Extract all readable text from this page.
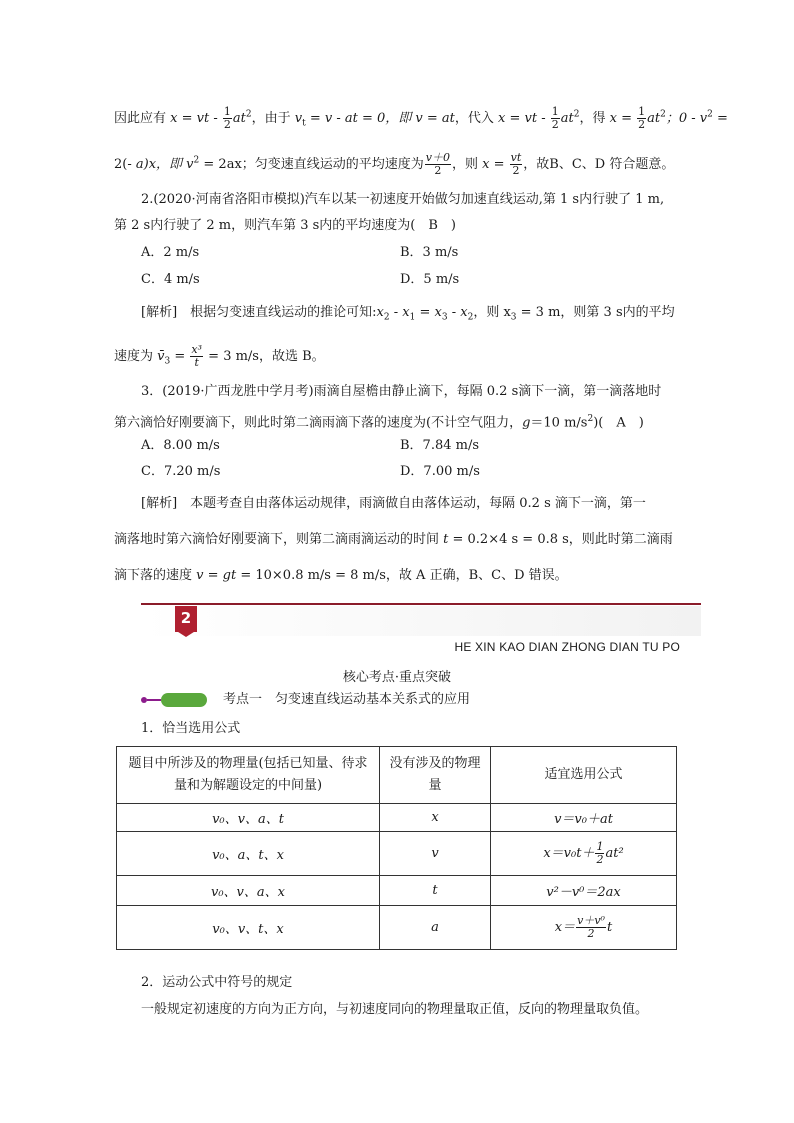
因此应有 x = vt - $\frac{1}{2} at^2$，由于 $v_t = v$ - at = 0，即 v = at，代入 x = vt - $\frac{1}{2} at^2$，得 $x = \frac{1}{2} at^2$；$0 - v^2$ =
2(- a)x，即 $v^2 = 2ax$；匀变速直线运动的平均速度为 $\frac{v+0}{2}$ ，则 $x = \frac{vt}{2}$ ，故B、C、D 符合题意。
2.(2020·河南省洛阳市模拟)汽车以某一初速度开始做匀加速直线运动,第 1 s内行驶了 1 m,
第 2 s内行驶了 2 m，则汽车第 3 s内的平均速度为(　B　)
A．2 m/s	B．3 m/s
C．4 m/s	D．5 m/s
[解析]　根据匀变速直线运动的推论可知$:x_2 - x_1 = x_3 - x_2$，则 $x_3 = 3$ m，则第 3 s内的平均
速度为 $v̄_3 = \frac{\text{x³}}{t} = 3$ m/s，故选 B。
3．(2019·广西龙胜中学月考)雨滴自屋檐由静止滴下，每隔 0.2 s滴下一滴，第一滴落地时
第六滴恰好刚要滴下，则此时第二滴雨滴下落的速度为(不计空气阻力，g＝10 $m/s^2$)(　A　)
A．8.00 m/s	B．7.84 m/s
C．7.20 m/s	D．7.00 m/s
[解析]　本题考查自由落体运动规律，雨滴做自由落体运动，每隔 0.2 s 滴下一滴，第一
滴落地时第六滴恰好刚要滴下，则第二滴雨滴运动的时间 t = 0.2×4 s = 0.8 s，则此时第二滴雨
滴下落的速度 v = gt = 10×0.8 m/s = 8 m/s，故 A 正确，B、C、D 错误。
2
HE XIN KAO DIAN ZHONG DIAN TU PO
核心考点·重点突破
考点一　匀变速直线运动基本关系式的应用
1．恰当选用公式
题目中所涉及的物理量(包括已知量、待求量和为解题设定的中间量)	没有涉及的物理量	适宜选用公式
v₀、v、a、t	x	v＝v₀＋at
v₀、a、t、x	v	$x=v_0t+ \frac{1}{2} at^2$
v₀、v、a、x	t	v²－v⁰＝2ax
v₀、v、t、x	a	$x= \frac{\text{v＋v⁰}}{2}$ t
2．运动公式中符号的规定
一般规定初速度的方向为正方向，与初速度同向的物理量取正值，反向的物理量取负值。
